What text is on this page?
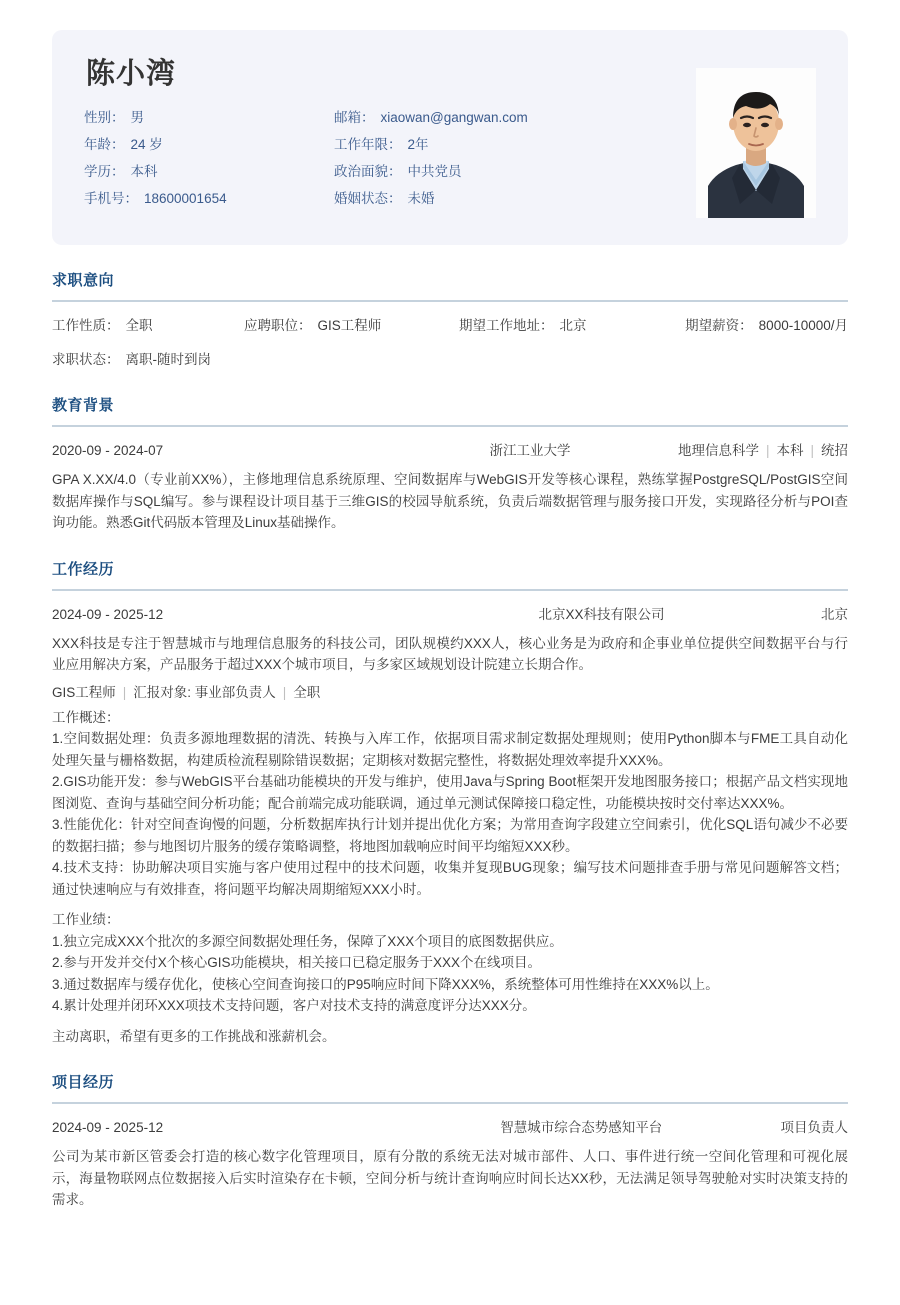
陈小湾
性别： 男	邮箱： xiaowan@gangwan.com
年龄： 24 岁	工作年限： 2年
学历： 本科	政治面貌： 中共党员
手机号： 18600001654	婚姻状态： 未婚
求职意向
工作性质： 全职	应聘职位： GIS工程师	期望工作地址： 北京	期望薪资： 8000-10000/月
求职状态： 离职-随时到岗
教育背景
2020-09 - 2024-07	浙江工业大学	地理信息科学 | 本科 | 统招
GPA X.XX/4.0（专业前XX%），主修地理信息系统原理、空间数据库与WebGIS开发等核心课程，熟练掌握PostgreSQL/PostGIS空间数据库操作与SQL编写。参与课程设计项目基于三维GIS的校园导航系统，负责后端数据管理与服务接口开发，实现路径分析与POI查询功能。熟悉Git代码版本管理及Linux基础操作。
工作经历
2024-09 - 2025-12	北京XX科技有限公司	北京
XXX科技是专注于智慧城市与地理信息服务的科技公司，团队规模约XXX人，核心业务是为政府和企事业单位提供空间数据平台与行业应用解决方案，产品服务于超过XXX个城市项目，与多家区域规划设计院建立长期合作。
GIS工程师 | 汇报对象: 事业部负责人 | 全职
工作概述：
1.空间数据处理：负责多源地理数据的清洗、转换与入库工作，依据项目需求制定数据处理规则；使用Python脚本与FME工具自动化处理矢量与栅格数据，构建质检流程剔除错误数据；定期核对数据完整性，将数据处理效率提升XXX%。
2.GIS功能开发：参与WebGIS平台基础功能模块的开发与维护，使用Java与Spring Boot框架开发地图服务接口；根据产品文档实现地图浏览、查询与基础空间分析功能；配合前端完成功能联调，通过单元测试保障接口稳定性，功能模块按时交付率达XXX%。
3.性能优化：针对空间查询慢的问题，分析数据库执行计划并提出优化方案；为常用查询字段建立空间索引，优化SQL语句减少不必要的数据扫描；参与地图切片服务的缓存策略调整，将地图加载响应时间平均缩短XXX秒。
4.技术支持：协助解决项目实施与客户使用过程中的技术问题，收集并复现BUG现象；编写技术问题排查手册与常见问题解答文档；通过快速响应与有效排查，将问题平均解决周期缩短XXX小时。
工作业绩：
1.独立完成XXX个批次的多源空间数据处理任务，保障了XXX个项目的底图数据供应。
2.参与开发并交付X个核心GIS功能模块，相关接口已稳定服务于XXX个在线项目。
3.通过数据库与缓存优化，使核心空间查询接口的P95响应时间下降XXX%，系统整体可用性维持在XXX%以上。
4.累计处理并闭环XXX项技术支持问题，客户对技术支持的满意度评分达XXX分。
主动离职，希望有更多的工作挑战和涨薪机会。
项目经历
2024-09 - 2025-12	智慧城市综合态势感知平台	项目负责人
公司为某市新区管委会打造的核心数字化管理项目，原有分散的系统无法对城市部件、人口、事件进行统一空间化管理和可视化展示，海量物联网点位数据接入后实时渲染存在卡顿，空间分析与统计查询响应时间长达XX秒，无法满足领导驾驶舱对实时决策支持的需求。
